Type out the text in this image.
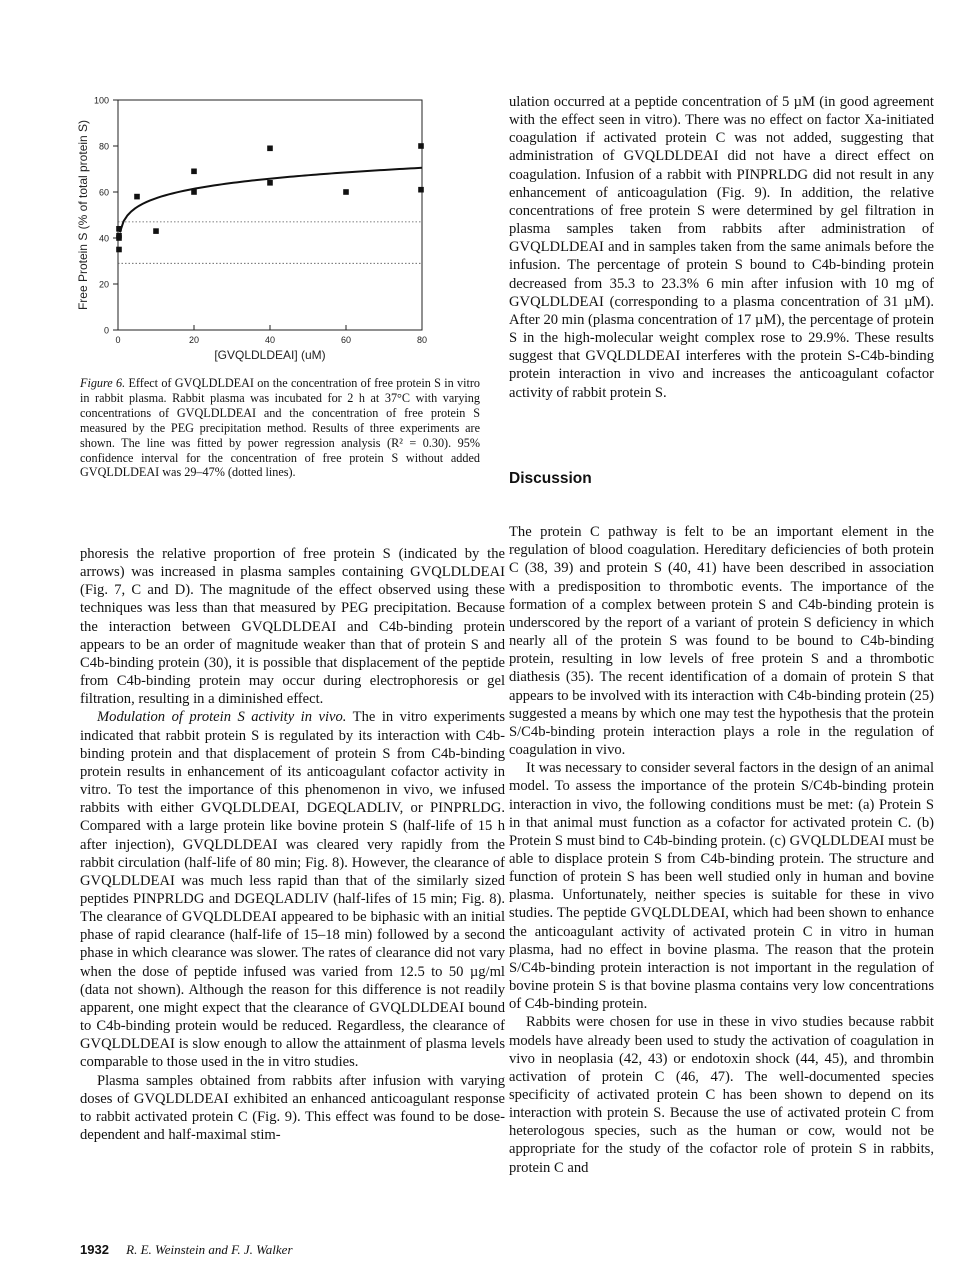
0
20
40
60
80
100
0	20	40	60	80
[GVQLDLDEAI] (uM)
Free Protein S (% of total protein S)
Figure 6. Effect of GVQLDLDEAI on the concentration of free protein S in vitro in rabbit plasma. Rabbit plasma was incubated for 2 h at 37°C with varying concentrations of GVQLDLDEAI and the concentration of free protein S measured by the PEG precipitation method. Results of three experiments are shown. The line was fitted by power regression analysis (R² = 0.30). 95% confidence interval for the concentration of free protein S without added GVQLDLDEAI was 29–47% (dotted lines).

phoresis the relative proportion of free protein S (indicated by the arrows) was increased in plasma samples containing GVQLDLDEAI (Fig. 7, C and D). The magnitude of the effect observed using these techniques was less than that measured by PEG precipitation. Because the interaction between GVQLDLDEAI and C4b-binding protein appears to be an order of magnitude weaker than that of protein S and C4b-binding protein (30), it is possible that displacement of the peptide from C4b-binding protein may occur during electrophoresis or gel filtration, resulting in a diminished effect.

Modulation of protein S activity in vivo. The in vitro experiments indicated that rabbit protein S is regulated by its interaction with C4b-binding protein and that displacement of protein S from C4b-binding protein results in enhancement of its anticoagulant cofactor activity in vitro. To test the importance of this phenomenon in vivo, we infused rabbits with either GVQLDLDEAI, DGEQLADLIV, or PINPRLDG. Compared with a large protein like bovine protein S (half-life of 15 h after injection), GVQLDLDEAI was cleared very rapidly from the rabbit circulation (half-life of 80 min; Fig. 8). However, the clearance of GVQLDLDEAI was much less rapid than that of the similarly sized peptides PINPRLDG and DGEQLADLIV (half-lifes of 15 min; Fig. 8). The clearance of GVQLDLDEAI appeared to be biphasic with an initial phase of rapid clearance (half-life of 15–18 min) followed by a second phase in which clearance was slower. The rates of clearance did not vary when the dose of peptide infused was varied from 12.5 to 50 µg/ml (data not shown). Although the reason for this difference is not readily apparent, one might expect that the clearance of GVQLDLDEAI bound to C4b-binding protein would be reduced. Regardless, the clearance of GVQLDLDEAI is slow enough to allow the attainment of plasma levels comparable to those used in the in vitro studies.

Plasma samples obtained from rabbits after infusion with varying doses of GVQLDLDEAI exhibited an enhanced anticoagulant response to rabbit activated protein C (Fig. 9). This effect was found to be dose-dependent and half-maximal stim-

ulation occurred at a peptide concentration of 5 µM (in good agreement with the effect seen in vitro). There was no effect on factor Xa-initiated coagulation if activated protein C was not added, suggesting that administration of GVQLDLDEAI did not have a direct effect on coagulation. Infusion of a rabbit with PINPRLDG did not result in any enhancement of anticoagulation (Fig. 9). In addition, the relative concentrations of free protein S were determined by gel filtration in plasma samples taken from rabbits after administration of GVQLDLDEAI and in samples taken from the same animals before the infusion. The percentage of protein S bound to C4b-binding protein decreased from 35.3 to 23.3% 6 min after infusion with 10 mg of GVQLDLDEAI (corresponding to a plasma concentration of 31 µM). After 20 min (plasma concentration of 17 µM), the percentage of protein S in the high-molecular weight complex rose to 29.9%. These results suggest that GVQLDLDEAI interferes with the protein S-C4b-binding protein interaction in vivo and increases the anticoagulant cofactor activity of rabbit protein S.

Discussion

The protein C pathway is felt to be an important element in the regulation of blood coagulation. Hereditary deficiencies of both protein C (38, 39) and protein S (40, 41) have been described in association with a predisposition to thrombotic events. The importance of the formation of a complex between protein S and C4b-binding protein is underscored by the report of a variant of protein S deficiency in which nearly all of the protein S was found to be bound to C4b-binding protein, resulting in low levels of free protein S and a thrombotic diathesis (35). The recent identification of a domain of protein S that appears to be involved with its interaction with C4b-binding protein (25) suggested a means by which one may test the hypothesis that the protein S/C4b-binding protein interaction plays a role in the regulation of coagulation in vivo.

It was necessary to consider several factors in the design of an animal model. To assess the importance of the protein S/C4b-binding protein interaction in vivo, the following conditions must be met: (a) Protein S in that animal must function as a cofactor for activated protein C. (b) Protein S must bind to C4b-binding protein. (c) GVQLDLDEAI must be able to displace protein S from C4b-binding protein. The structure and function of protein S has been well studied only in human and bovine plasma. Unfortunately, neither species is suitable for these in vivo studies. The peptide GVQLDLDEAI, which had been shown to enhance the anticoagulant activity of activated protein C in vitro in human plasma, had no effect in bovine plasma. The reason that the protein S/C4b-binding protein interaction is not important in the regulation of bovine protein S is that bovine plasma contains very low concentrations of C4b-binding protein.

Rabbits were chosen for use in these in vivo studies because rabbit models have already been used to study the activation of coagulation in vivo in neoplasia (42, 43) or endotoxin shock (44, 45), and thrombin activation of protein C (46, 47). The well-documented species specificity of activated protein C has been shown to depend on its interaction with protein S. Because the use of activated protein C from heterologous species, such as the human or cow, would not be appropriate for the study of the cofactor role of protein S in rabbits, protein C and

1932 R. E. Weinstein and F. J. Walker
